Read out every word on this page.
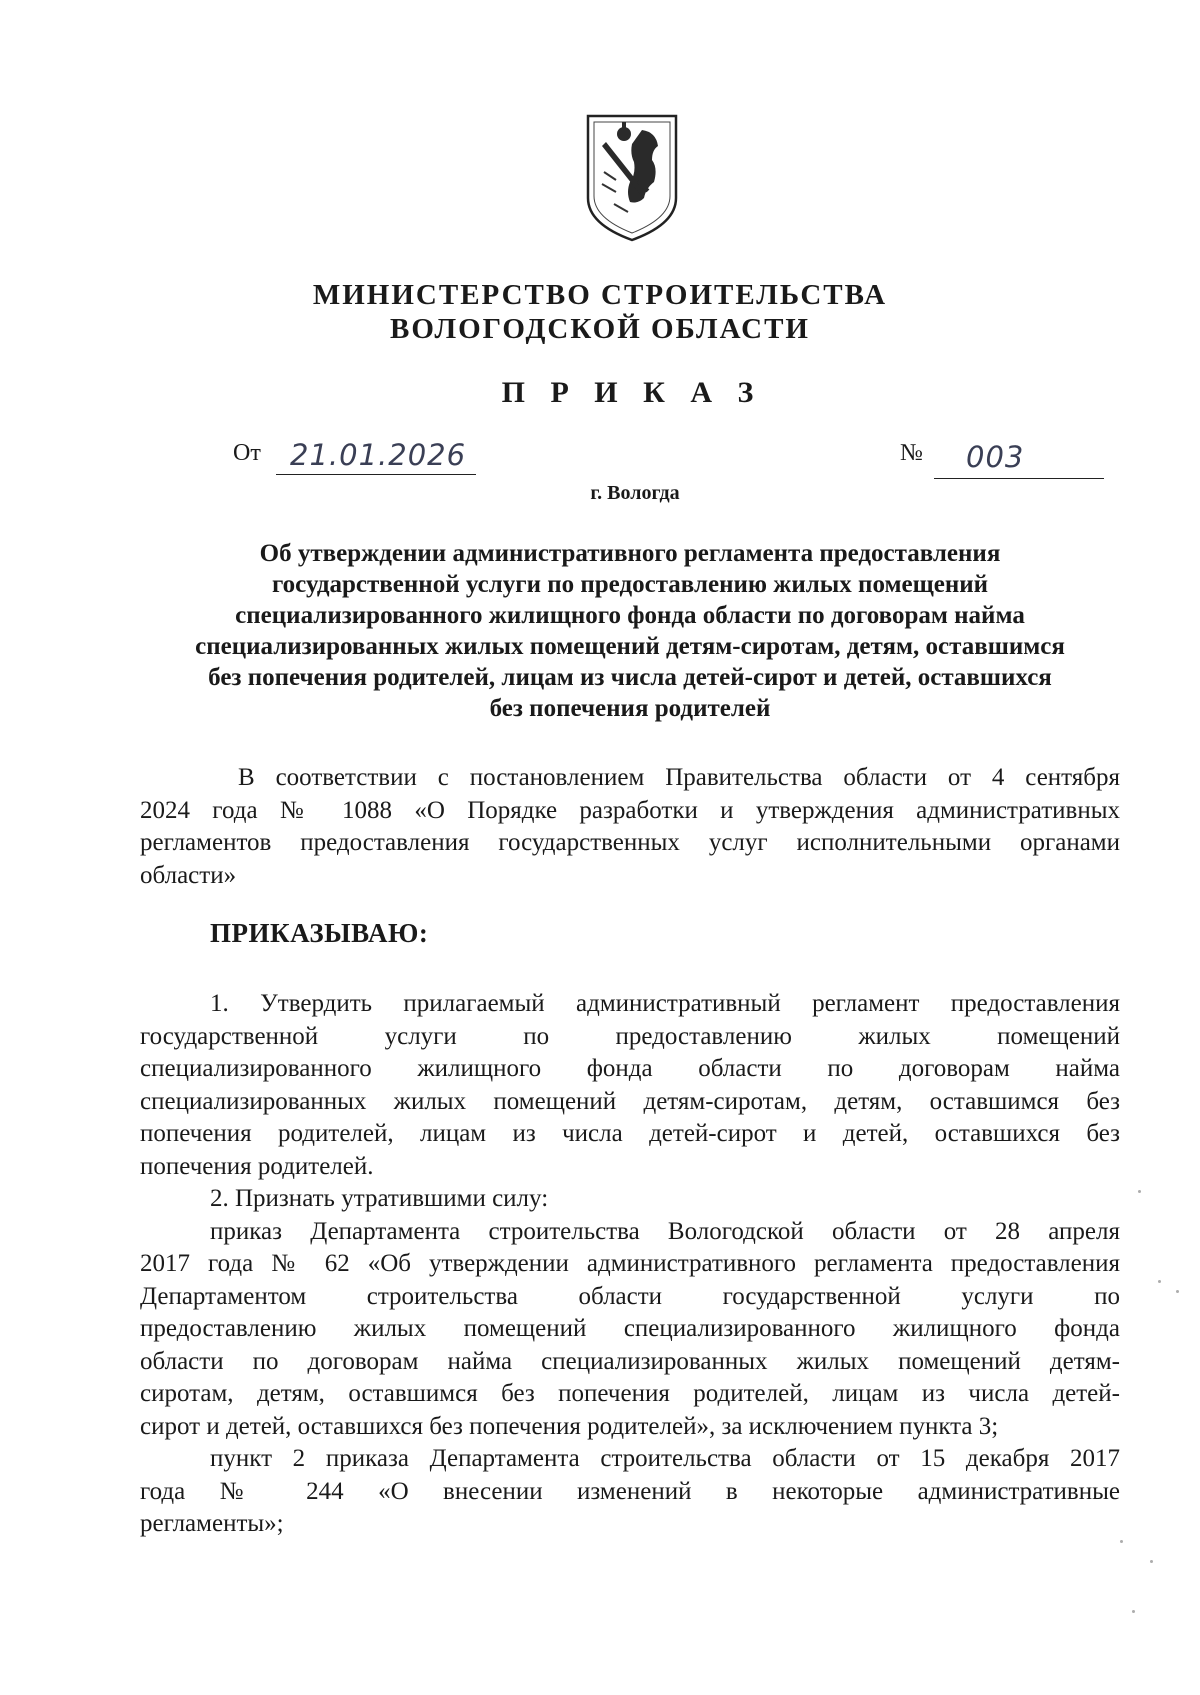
МИНИСТЕРСТВО СТРОИТЕЛЬСТВА
ВОЛОГОДСКОЙ ОБЛАСТИ
П Р И К А З
От 21.01.2026	№ 003
г. Вологда
Об утверждении административного регламента предоставления
государственной услуги по предоставлению жилых помещений
специализированного жилищного фонда области по договорам найма
специализированных жилых помещений детям-сиротам, детям, оставшимся
без попечения родителей, лицам из числа детей-сирот и детей, оставшихся
без попечения родителей
В соответствии с постановлением Правительства области от 4 сентября
2024 года № 1088 «О Порядке разработки и утверждения административных
регламентов предоставления государственных услуг исполнительными органами
области»
ПРИКАЗЫВАЮ:
1. Утвердить прилагаемый административный регламент предоставления
государственной услуги по предоставлению жилых помещений
специализированного жилищного фонда области по договорам найма
специализированных жилых помещений детям-сиротам, детям, оставшимся без
попечения родителей, лицам из числа детей-сирот и детей, оставшихся без
попечения родителей.
2. Признать утратившими силу:
приказ Департамента строительства Вологодской области от 28 апреля
2017 года № 62 «Об утверждении административного регламента предоставления
Департаментом строительства области государственной услуги по
предоставлению жилых помещений специализированного жилищного фонда
области по договорам найма специализированных жилых помещений детям-
сиротам, детям, оставшимся без попечения родителей, лицам из числа детей-
сирот и детей, оставшихся без попечения родителей», за исключением пункта 3;
пункт 2 приказа Департамента строительства области от 15 декабря 2017
года № 244 «О внесении изменений в некоторые административные
регламенты»;
